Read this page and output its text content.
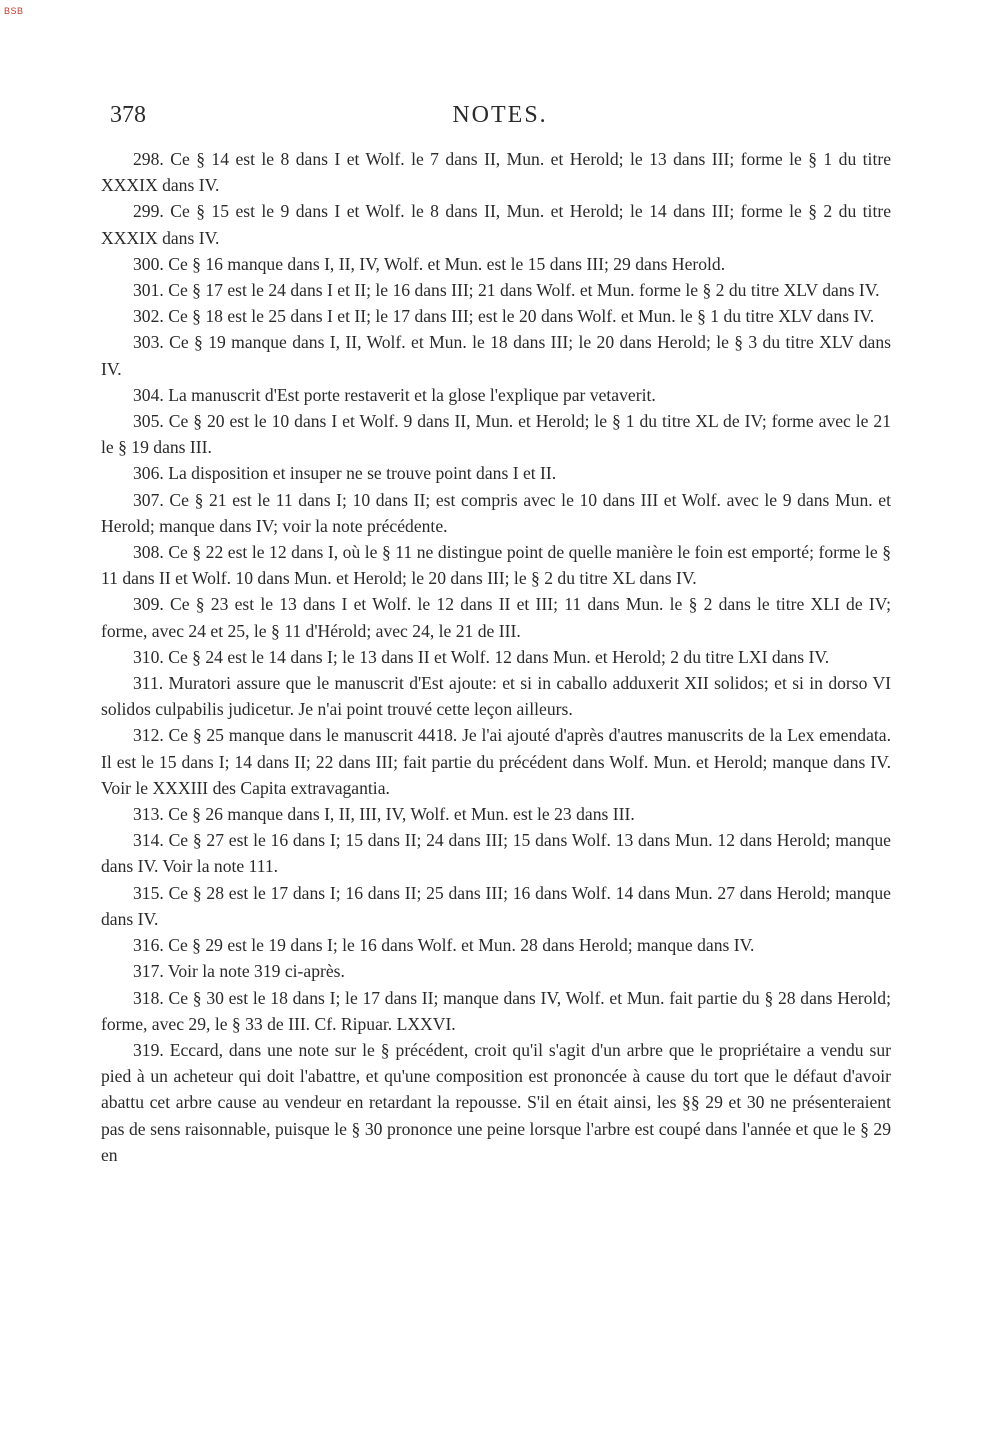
BSB
378	NOTES.

298. Ce § 14 est le 8 dans I et Wolf. le 7 dans II, Mun. et Herold; le 13 dans III; forme le § 1 du titre XXXIX dans IV.

299. Ce § 15 est le 9 dans I et Wolf. le 8 dans II, Mun. et Herold; le 14 dans III; forme le § 2 du titre XXXIX dans IV.

300. Ce § 16 manque dans I, II, IV, Wolf. et Mun. est le 15 dans III; 29 dans Herold.

301. Ce § 17 est le 24 dans I et II; le 16 dans III; 21 dans Wolf. et Mun. forme le § 2 du titre XLV dans IV.

302. Ce § 18 est le 25 dans I et II; le 17 dans III; est le 20 dans Wolf. et Mun. le § 1 du titre XLV dans IV.

303. Ce § 19 manque dans I, II, Wolf. et Mun. le 18 dans III; le 20 dans Herold; le § 3 du titre XLV dans IV.

304. La manuscrit d'Est porte restaverit et la glose l'explique par vetaverit.

305. Ce § 20 est le 10 dans I et Wolf. 9 dans II, Mun. et Herold; le § 1 du titre XL de IV; forme avec le 21 le § 19 dans III.

306. La disposition et insuper ne se trouve point dans I et II.

307. Ce § 21 est le 11 dans I; 10 dans II; est compris avec le 10 dans III et Wolf. avec le 9 dans Mun. et Herold; manque dans IV; voir la note précédente.

308. Ce § 22 est le 12 dans I, où le § 11 ne distingue point de quelle manière le foin est emporté; forme le § 11 dans II et Wolf. 10 dans Mun. et Herold; le 20 dans III; le § 2 du titre XL dans IV.

309. Ce § 23 est le 13 dans I et Wolf. le 12 dans II et III; 11 dans Mun. le § 2 dans le titre XLI de IV; forme, avec 24 et 25, le § 11 d'Hérold; avec 24, le 21 de III.

310. Ce § 24 est le 14 dans I; le 13 dans II et Wolf. 12 dans Mun. et Herold; 2 du titre LXI dans IV.

311. Muratori assure que le manuscrit d'Est ajoute: et si in caballo adduxerit XII solidos; et si in dorso VI solidos culpabilis judicetur. Je n'ai point trouvé cette leçon ailleurs.

312. Ce § 25 manque dans le manuscrit 4418. Je l'ai ajouté d'après d'autres manuscrits de la Lex emendata. Il est le 15 dans I; 14 dans II; 22 dans III; fait partie du précédent dans Wolf. Mun. et Herold; manque dans IV. Voir le XXXIII des Capita extravagantia.

313. Ce § 26 manque dans I, II, III, IV, Wolf. et Mun. est le 23 dans III.

314. Ce § 27 est le 16 dans I; 15 dans II; 24 dans III; 15 dans Wolf. 13 dans Mun. 12 dans Herold; manque dans IV. Voir la note 111.

315. Ce § 28 est le 17 dans I; 16 dans II; 25 dans III; 16 dans Wolf. 14 dans Mun. 27 dans Herold; manque dans IV.

316. Ce § 29 est le 19 dans I; le 16 dans Wolf. et Mun. 28 dans Herold; manque dans IV.

317. Voir la note 319 ci-après.

318. Ce § 30 est le 18 dans I; le 17 dans II; manque dans IV, Wolf. et Mun. fait partie du § 28 dans Herold; forme, avec 29, le § 33 de III. Cf. Ripuar. LXXVI.

319. Eccard, dans une note sur le § précédent, croit qu'il s'agit d'un arbre que le propriétaire a vendu sur pied à un acheteur qui doit l'abattre, et qu'une composition est prononcée à cause du tort que le défaut d'avoir abattu cet arbre cause au vendeur en retardant la repousse. S'il en était ainsi, les §§ 29 et 30 ne présenteraient pas de sens raisonnable, puisque le § 30 prononce une peine lorsque l'arbre est coupé dans l'année et que le § 29 en
